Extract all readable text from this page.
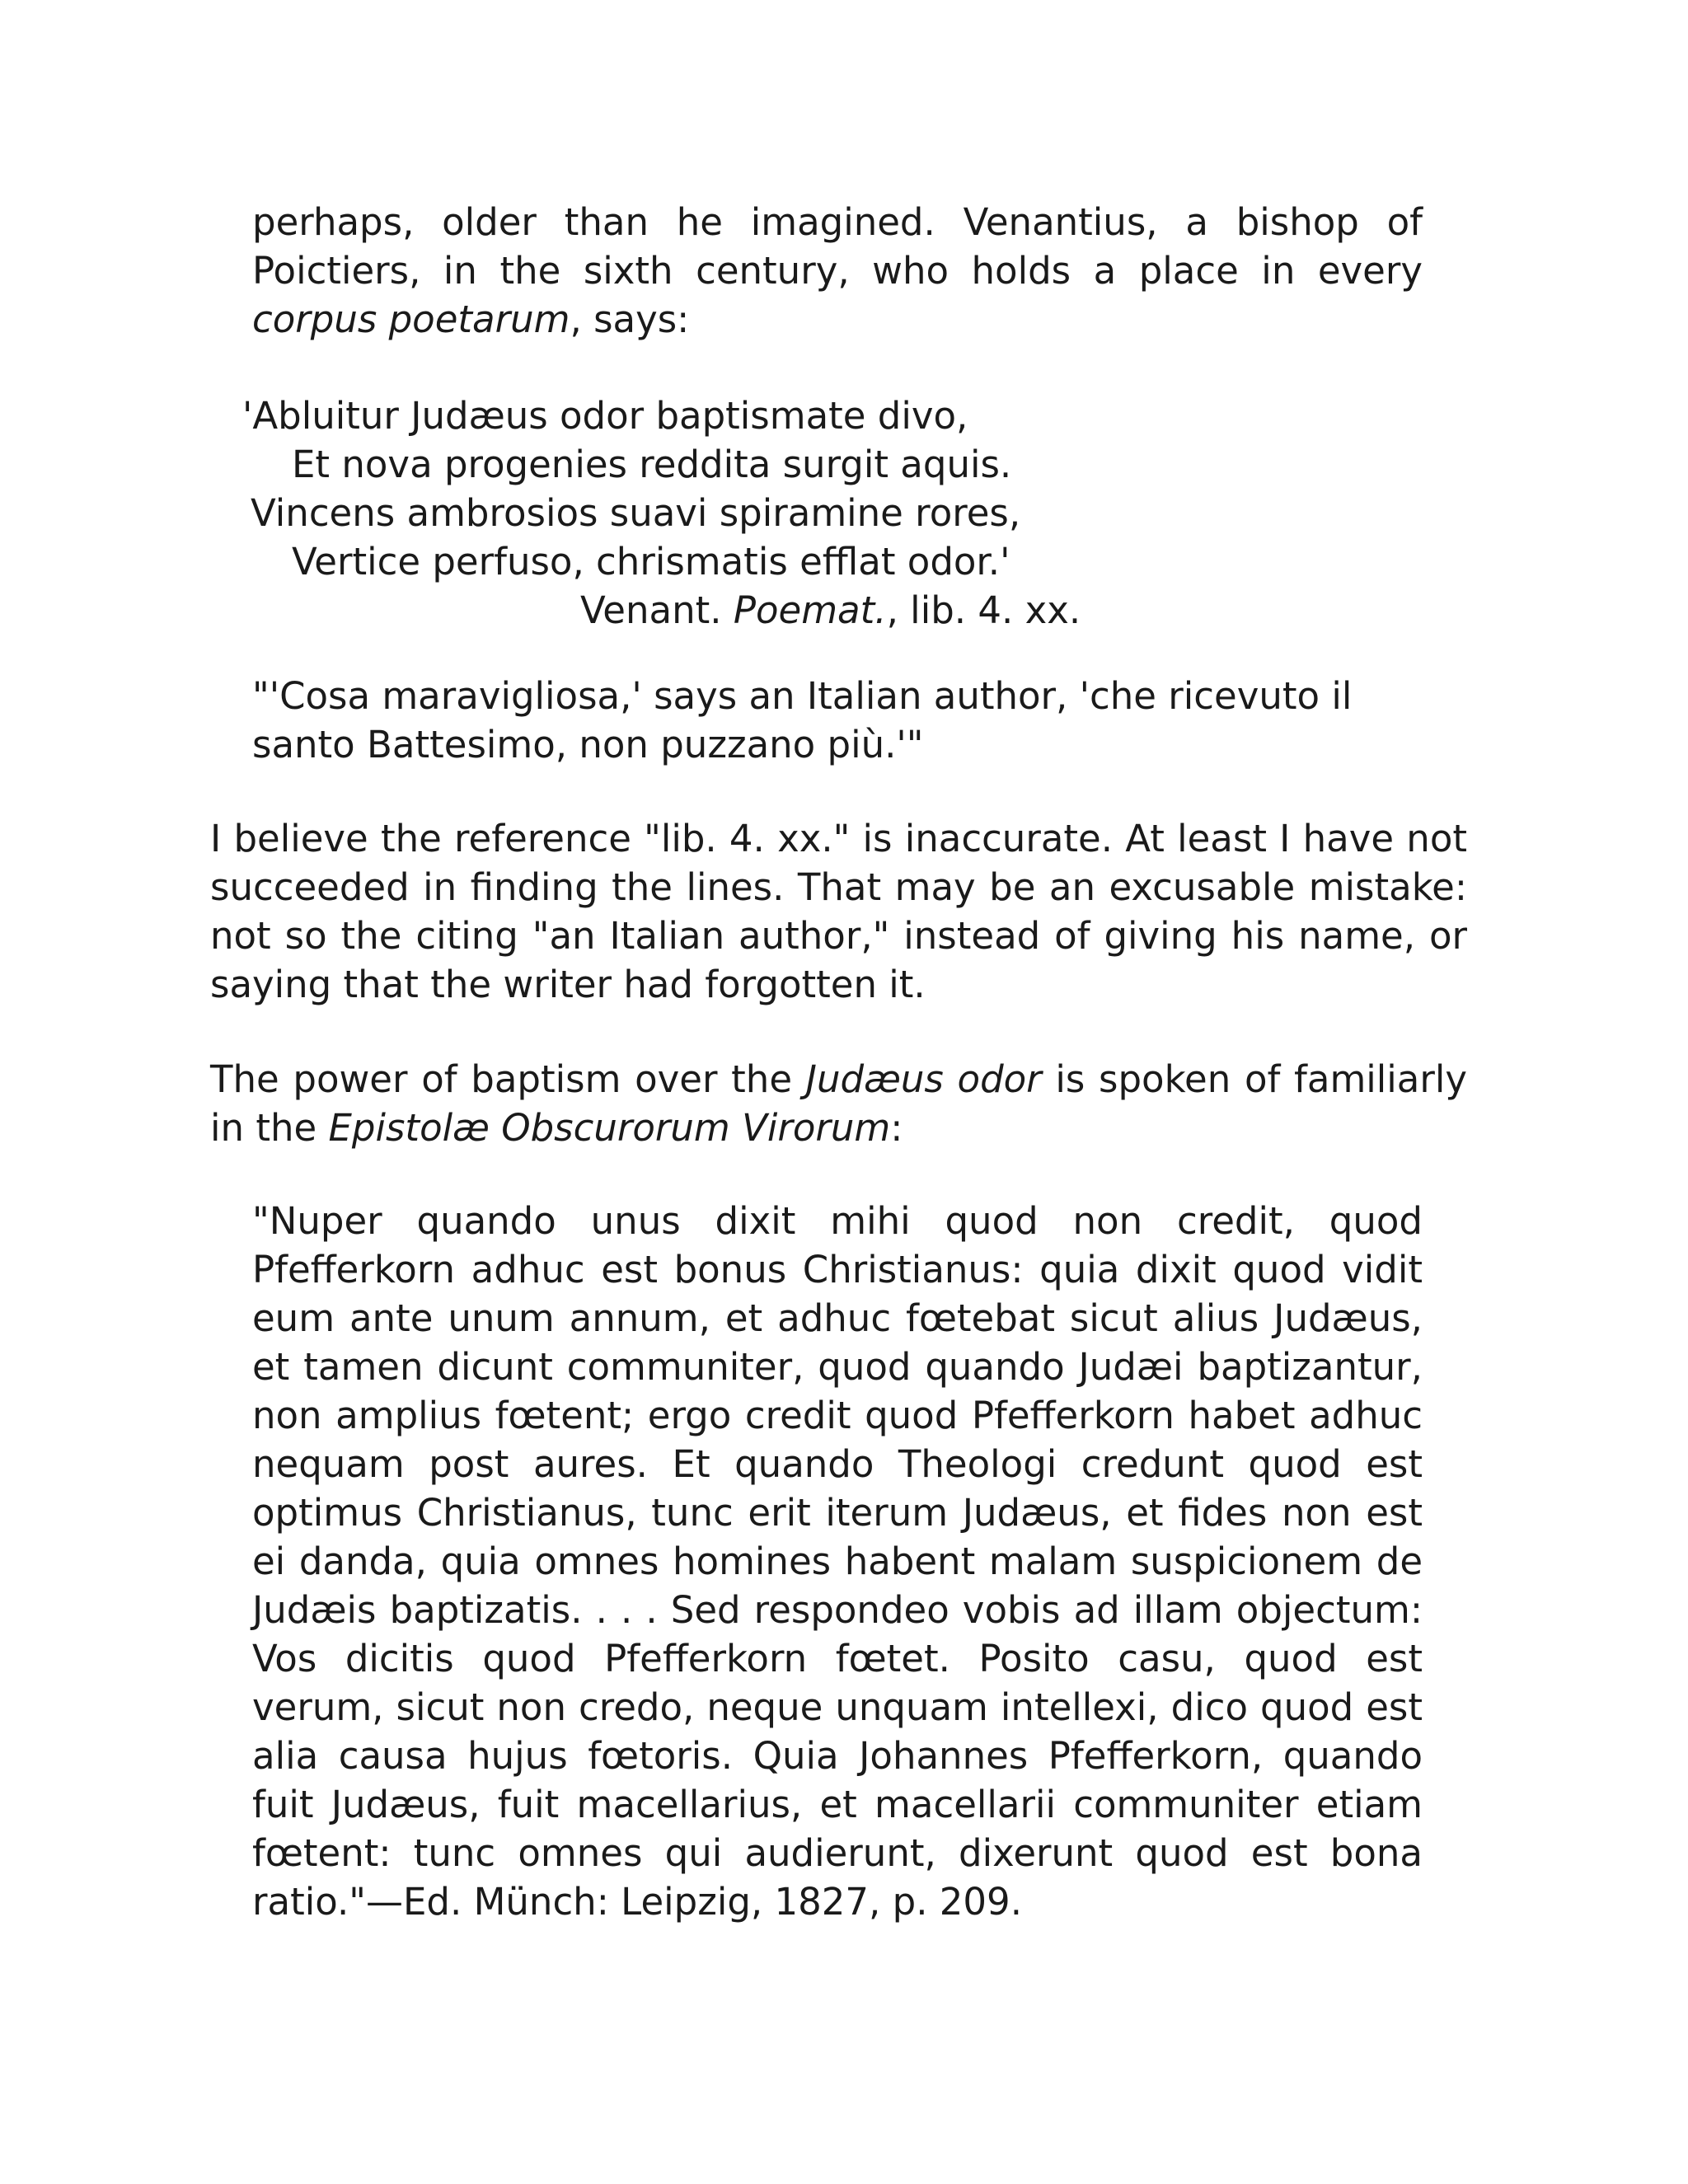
perhaps, older than he imagined. Venantius, a bishop of Poictiers, in the sixth century, who holds a place in every corpus poetarum, says:

'Abluitur Judæus odor baptismate divo,
Et nova progenies reddita surgit aquis.
Vincens ambrosios suavi spiramine rores,
Vertice perfuso, chrismatis efflat odor.'
Venant. Poemat., lib. 4. xx.

"'Cosa maravigliosa,' says an Italian author, 'che ricevuto il santo Battesimo, non puzzano più.'"

I believe the reference "lib. 4. xx." is inaccurate. At least I have not succeeded in finding the lines. That may be an excusable mistake: not so the citing "an Italian author," instead of giving his name, or saying that the writer had forgotten it.

The power of baptism over the Judæus odor is spoken of familiarly in the Epistolæ Obscurorum Virorum:

"Nuper quando unus dixit mihi quod non credit, quod Pfefferkorn adhuc est bonus Christianus: quia dixit quod vidit eum ante unum annum, et adhuc fœtebat sicut alius Judæus, et tamen dicunt communiter, quod quando Judæi baptizantur, non amplius fœtent; ergo credit quod Pfefferkorn habet adhuc nequam post aures. Et quando Theologi credunt quod est optimus Christianus, tunc erit iterum Judæus, et fides non est ei danda, quia omnes homines habent malam suspicionem de Judæis baptizatis. . . . Sed respondeo vobis ad illam objectum: Vos dicitis quod Pfefferkorn fœtet. Posito casu, quod est verum, sicut non credo, neque unquam intellexi, dico quod est alia causa hujus fœtoris. Quia Johannes Pfefferkorn, quando fuit Judæus, fuit macellarius, et macellarii communiter etiam fœtent: tunc omnes qui audierunt, dixerunt quod est bona ratio."—Ed. Münch: Leipzig, 1827, p. 209.
